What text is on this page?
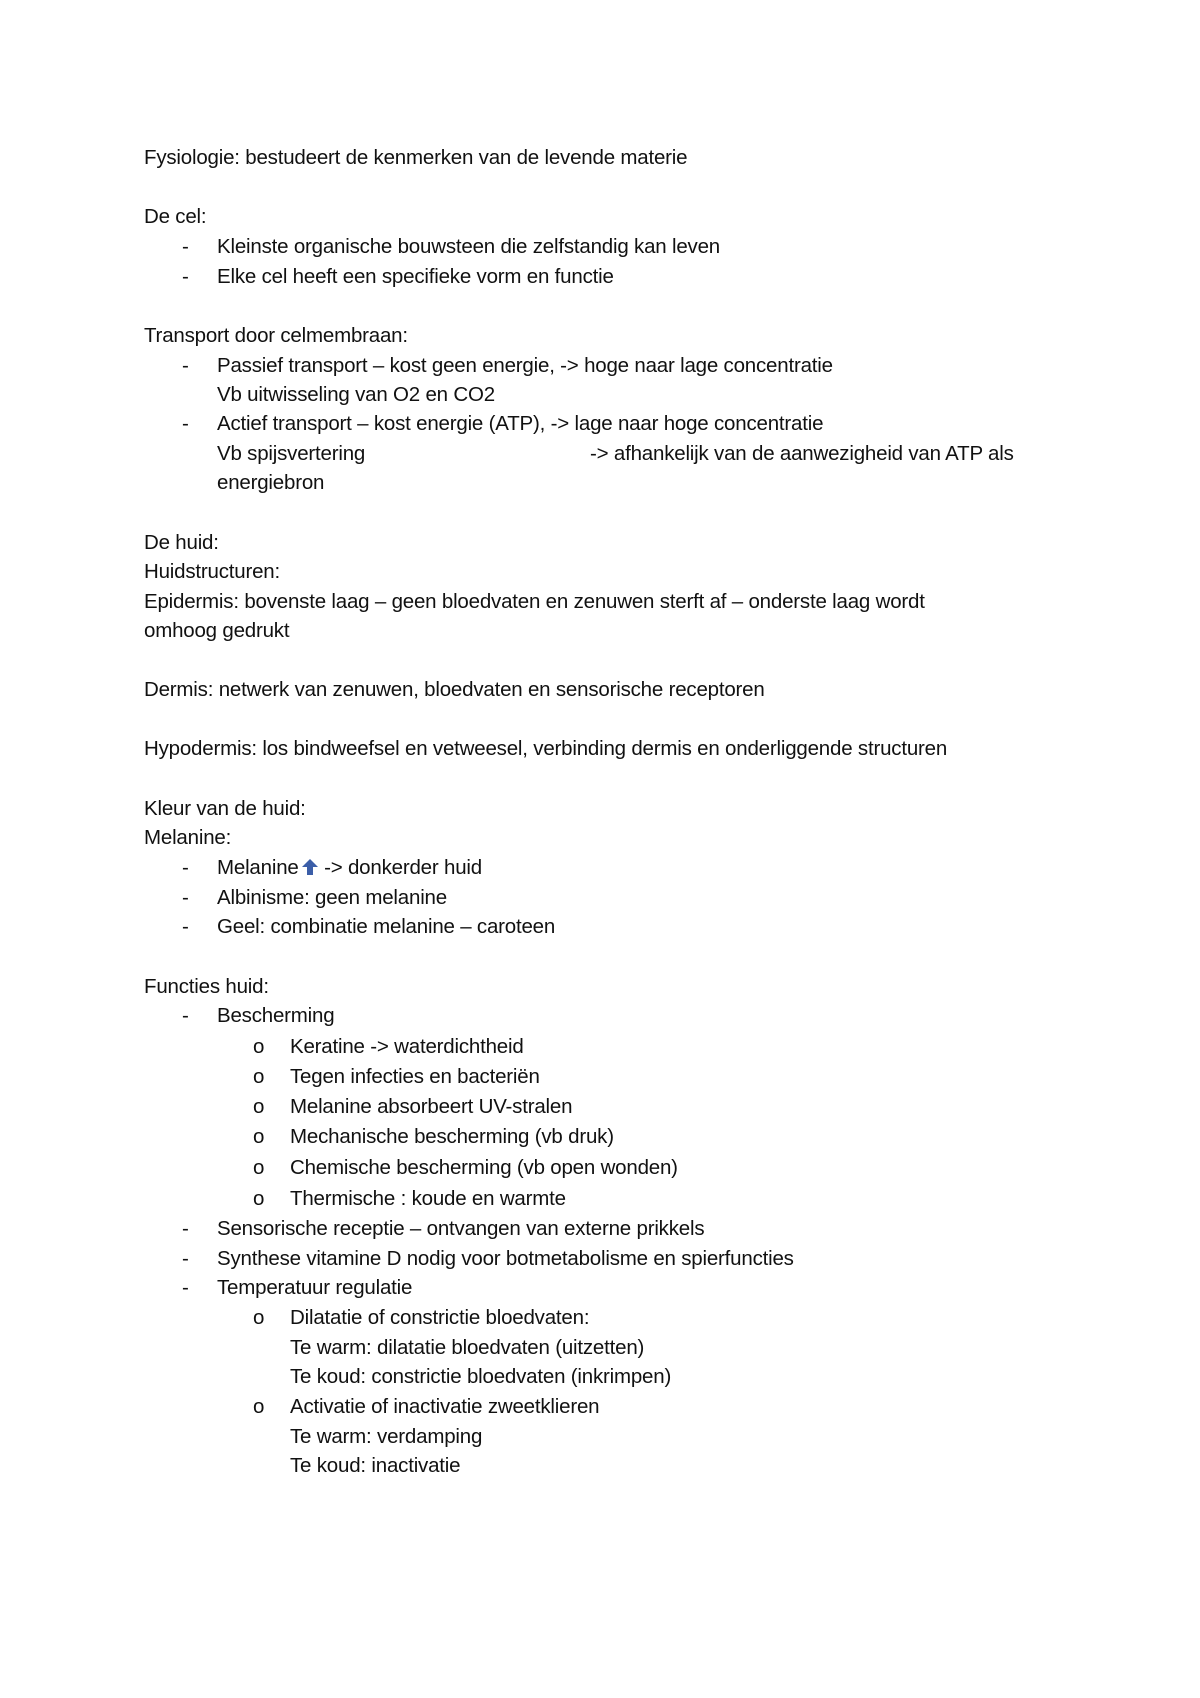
Fysiologie: bestudeert de kenmerken van de levende materie
De cel:
- Kleinste organische bouwsteen die zelfstandig kan leven
- Elke cel heeft een specifieke vorm en functie
Transport door celmembraan:
- Passief transport – kost geen energie, -> hoge naar lage concentratie
Vb uitwisseling van O2 en CO2
- Actief transport – kost energie (ATP), -> lage naar hoge concentratie
Vb spijsvertering	-> afhankelijk van de aanwezigheid van ATP als
energiebron
De huid:
Huidstructuren:
Epidermis: bovenste laag – geen bloedvaten en zenuwen sterft af – onderste laag wordt
omhoog gedrukt
Dermis: netwerk van zenuwen, bloedvaten en sensorische receptoren
Hypodermis: los bindweefsel en vetweesel, verbinding dermis en onderliggende structuren
Kleur van de huid:
Melanine:
- Melanine -> donkerder huid
- Albinisme: geen melanine
- Geel: combinatie melanine – caroteen
Functies huid:
- Bescherming
o Keratine -> waterdichtheid
o Tegen infecties en bacteriën
o Melanine absorbeert UV-stralen
o Mechanische bescherming (vb druk)
o Chemische bescherming (vb open wonden)
o Thermische : koude en warmte
- Sensorische receptie – ontvangen van externe prikkels
- Synthese vitamine D nodig voor botmetabolisme en spierfuncties
- Temperatuur regulatie
o Dilatatie of constrictie bloedvaten:
Te warm: dilatatie bloedvaten (uitzetten)
Te koud: constrictie bloedvaten (inkrimpen)
o Activatie of inactivatie zweetklieren
Te warm: verdamping
Te koud: inactivatie
